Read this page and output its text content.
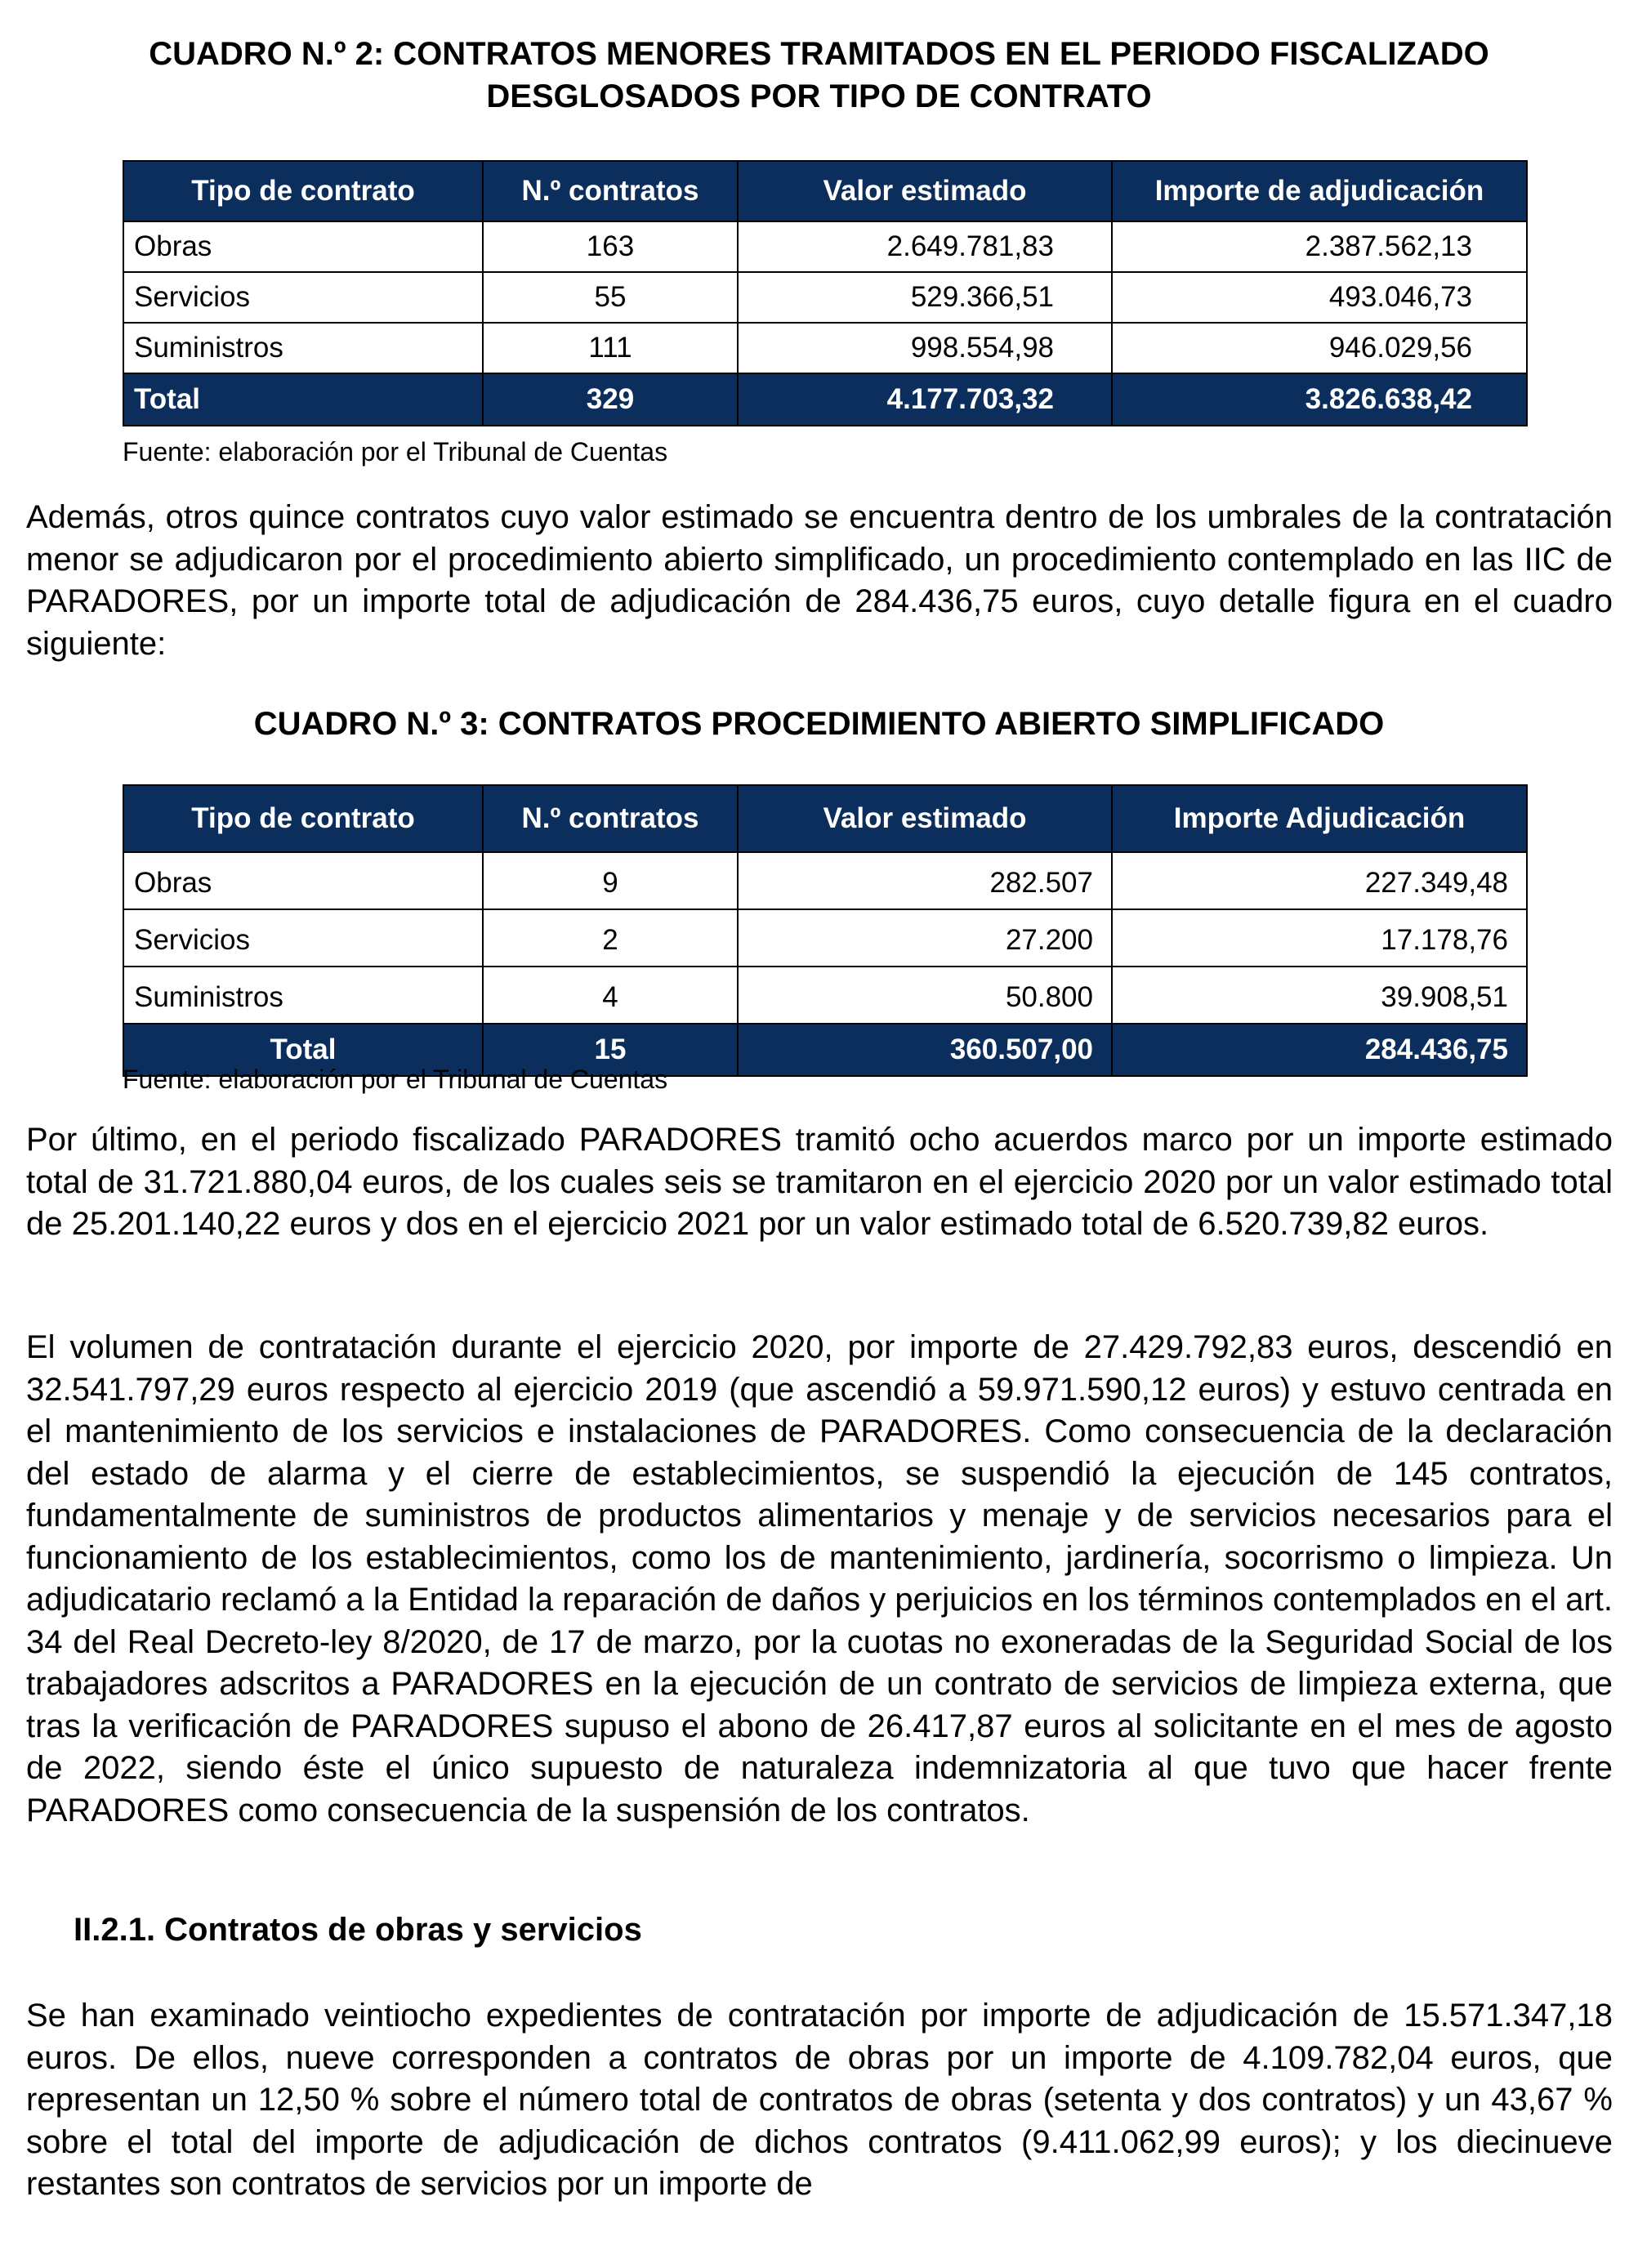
CUADRO N.º 2: CONTRATOS MENORES TRAMITADOS EN EL PERIODO FISCALIZADO
DESGLOSADOS POR TIPO DE CONTRATO
Tipo de contrato	N.º contratos	Valor estimado	Importe de adjudicación
Obras	163	2.649.781,83	2.387.562,13
Servicios	55	529.366,51	493.046,73
Suministros	111	998.554,98	946.029,56
Total	329	4.177.703,32	3.826.638,42
Fuente: elaboración por el Tribunal de Cuentas

Además, otros quince contratos cuyo valor estimado se encuentra dentro de los umbrales de la contratación menor se adjudicaron por el procedimiento abierto simplificado, un procedimiento contemplado en las IIC de PARADORES, por un importe total de adjudicación de 284.436,75 euros, cuyo detalle figura en el cuadro siguiente:

CUADRO N.º 3: CONTRATOS PROCEDIMIENTO ABIERTO SIMPLIFICADO
Tipo de contrato	N.º contratos	Valor estimado	Importe Adjudicación
Obras	9	282.507	227.349,48
Servicios	2	27.200	17.178,76
Suministros	4	50.800	39.908,51
Total	15	360.507,00	284.436,75
Fuente: elaboración por el Tribunal de Cuentas

Por último, en el periodo fiscalizado PARADORES tramitó ocho acuerdos marco por un importe estimado total de 31.721.880,04 euros, de los cuales seis se tramitaron en el ejercicio 2020 por un valor estimado total de 25.201.140,22 euros y dos en el ejercicio 2021 por un valor estimado total de 6.520.739,82 euros.

El volumen de contratación durante el ejercicio 2020, por importe de 27.429.792,83 euros, descendió en 32.541.797,29 euros respecto al ejercicio 2019 (que ascendió a 59.971.590,12 euros) y estuvo centrada en el mantenimiento de los servicios e instalaciones de PARADORES. Como consecuencia de la declaración del estado de alarma y el cierre de establecimientos, se suspendió la ejecución de 145 contratos, fundamentalmente de suministros de productos alimentarios y menaje y de servicios necesarios para el funcionamiento de los establecimientos, como los de mantenimiento, jardinería, socorrismo o limpieza. Un adjudicatario reclamó a la Entidad la reparación de daños y perjuicios en los términos contemplados en el art. 34 del Real Decreto-ley 8/2020, de 17 de marzo, por la cuotas no exoneradas de la Seguridad Social de los trabajadores adscritos a PARADORES en la ejecución de un contrato de servicios de limpieza externa, que tras la verificación de PARADORES supuso el abono de 26.417,87 euros al solicitante en el mes de agosto de 2022, siendo éste el único supuesto de naturaleza indemnizatoria al que tuvo que hacer frente PARADORES como consecuencia de la suspensión de los contratos.

II.2.1. Contratos de obras y servicios

Se han examinado veintiocho expedientes de contratación por importe de adjudicación de 15.571.347,18 euros. De ellos, nueve corresponden a contratos de obras por un importe de 4.109.782,04 euros, que representan un 12,50 % sobre el número total de contratos de obras (setenta y dos contratos) y un 43,67 % sobre el total del importe de adjudicación de dichos contratos (9.411.062,99 euros); y los diecinueve restantes son contratos de servicios por un importe de
